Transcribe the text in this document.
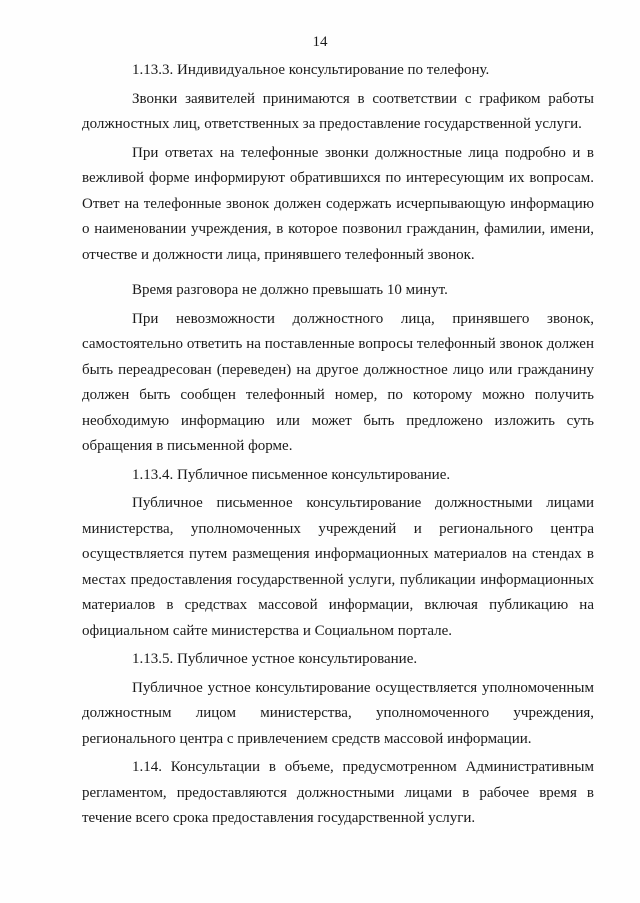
14

1.13.3. Индивидуальное консультирование по телефону.

Звонки заявителей принимаются в соответствии с графиком работы должностных лиц, ответственных за предоставление государственной услуги.

При ответах на телефонные звонки должностные лица подробно и в вежливой форме информируют обратившихся по интересующим их вопросам. Ответ на телефонные звонок должен содержать исчерпывающую информацию о наименовании учреждения, в которое позвонил гражданин, фамилии, имени, отчестве и должности лица, принявшего телефонный звонок.

Время разговора не должно превышать 10 минут.

При невозможности должностного лица, принявшего звонок, самостоятельно ответить на поставленные вопросы телефонный звонок должен быть переадресован (переведен) на другое должностное лицо или гражданину должен быть сообщен телефонный номер, по которому можно получить необходимую информацию или может быть предложено изложить суть обращения в письменной форме.

1.13.4. Публичное письменное консультирование.

Публичное письменное консультирование должностными лицами министерства, уполномоченных учреждений и регионального центра осуществляется путем размещения информационных материалов на стендах в местах предоставления государственной услуги, публикации информационных материалов в средствах массовой информации, включая публикацию на официальном сайте министерства и Социальном портале.

1.13.5. Публичное устное консультирование.

Публичное устное консультирование осуществляется уполномоченным должностным лицом министерства, уполномоченного учреждения, регионального центра с привлечением средств массовой информации.

1.14. Консультации в объеме, предусмотренном Административным регламентом, предоставляются должностными лицами в рабочее время в течение всего срока предоставления государственной услуги.
